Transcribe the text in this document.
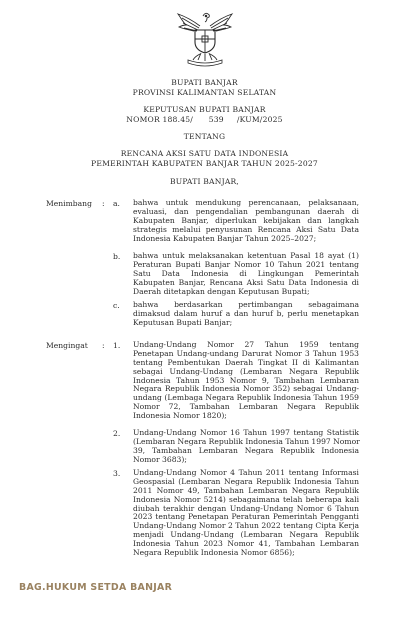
BUPATI BANJAR
PROVINSI KALIMANTAN SELATAN
KEPUTUSAN BUPATI BANJAR
NOMOR 188.45/      539     /KUM/2025
TENTANG
RENCANA AKSI SATU DATA INDONESIA
PEMERINTAH KABUPATEN BANJAR TAHUN 2025-2027
BUPATI BANJAR,
Menimbang : a. bahwa untuk mendukung perencanaan, pelaksanaan,
evaluasi, dan pengendalian pembangunan daerah di
Kabupaten Banjar, diperlukan kebijakan dan langkah
strategis melalui penyusunan Rencana Aksi Satu Data
Indonesia Kabupaten Banjar Tahun 2025–2027;
b. bahwa untuk melaksanakan ketentuan Pasal 18 ayat (1)
Peraturan Bupati Banjar Nomor 10 Tahun 2021 tentang
Satu Data Indonesia di Lingkungan Pemerintah
Kabupaten Banjar, Rencana Aksi Satu Data Indonesia di
Daerah ditetapkan dengan Keputusan Bupati;
c. bahwa berdasarkan pertimbangan sebagaimana
dimaksud dalam huruf a dan huruf b, perlu menetapkan
Keputusan Bupati Banjar;
Mengingat : 1. Undang-Undang Nomor 27 Tahun 1959 tentang
Penetapan Undang-undang Darurat Nomor 3 Tahun 1953
tentang Pembentukan Daerah Tingkat II di Kalimantan
sebagai Undang-Undang (Lembaran Negara Republik
Indonesia Tahun 1953 Nomor 9, Tambahan Lembaran
Negara Republik Indonesia Nomor 352) sebagai Undang-
undang (Lembaga Negara Republik Indonesia Tahun 1959
Nomor 72, Tambahan Lembaran Negara Republik
Indonesia Nomor 1820);
2. Undang-Undang Nomor 16 Tahun 1997 tentang Statistik
(Lembaran Negara Republik Indonesia Tahun 1997 Nomor
39, Tambahan Lembaran Negara Republik Indonesia
Nomor 3683);
3. Undang-Undang Nomor 4 Tahun 2011 tentang Informasi
Geospasial (Lembaran Negara Republik Indonesia Tahun
2011 Nomor 49, Tambahan Lembaran Negara Republik
Indonesia Nomor 5214) sebagaimana telah beberapa kali
diubah terakhir dengan Undang-Undang Nomor 6 Tahun
2023 tentang Penetapan Peraturan Pemerintah Pengganti
Undang-Undang Nomor 2 Tahun 2022 tentang Cipta Kerja
menjadi Undang-Undang (Lembaran Negara Republik
Indonesia Tahun 2023 Nomor 41, Tambahan Lembaran
Negara Republik Indonesia Nomor 6856);
BAG.HUKUM SETDA BANJAR
